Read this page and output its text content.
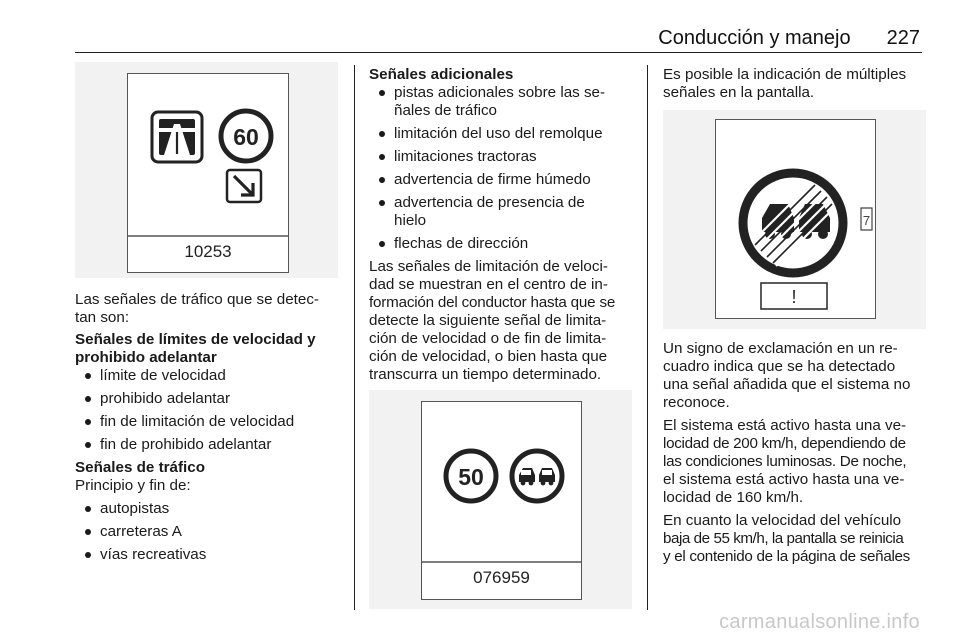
Conducción y manejo 227
60
10253

Las señales de tráfico que se detec-

tan son:

Señales de límites de velocidad y

prohibido adelantar

límite de velocidad
prohibido adelantar
fin de limitación de velocidad
fin de prohibido adelantar

Señales de tráfico

Principio y fin de:

autopistas
carreteras A
vías recreativas

Señales adicionales

pistas adicionales sobre las se-
ñales de tráfico
limitación del uso del remolque
limitaciones tractoras
advertencia de firme húmedo
advertencia de presencia de
hielo
flechas de dirección

Las señales de limitación de veloci-

dad se muestran en el centro de in-

formación del conductor hasta que se

detecte la siguiente señal de limita-

ción de velocidad o de fin de limita-

ción de velocidad, o bien hasta que

transcurra un tiempo determinado.

50
076959

Es posible la indicación de múltiples

señales en la pantalla.

7
!

Un signo de exclamación en un re-

cuadro indica que se ha detectado

una señal añadida que el sistema no

reconoce.

El sistema está activo hasta una ve-

locidad de 200 km/h, dependiendo de

las condiciones luminosas. De noche,

el sistema está activo hasta una ve-

locidad de 160 km/h.

En cuanto la velocidad del vehículo

baja de 55 km/h, la pantalla se reinicia

y el contenido de la página de señales

carmanualsonline.info
